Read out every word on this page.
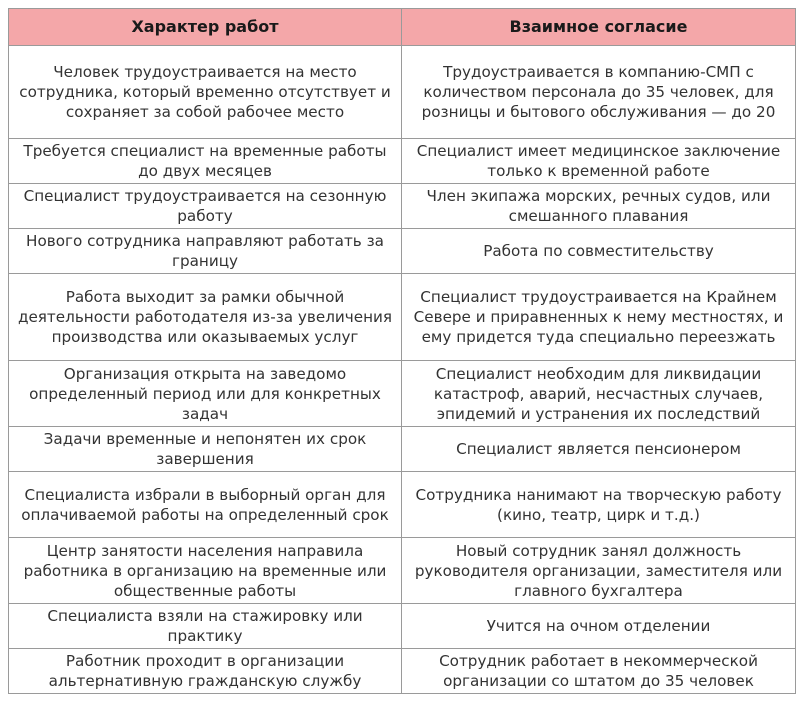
Характер работ	Взаимное согласие
Человек трудоустраивается на место сотрудника, который временно отсутствует и сохраняет за собой рабочее место	Трудоустраивается в компанию-СМП с количеством персонала до 35 человек, для розницы и бытового обслуживания — до 20
Требуется специалист на временные работы до двух месяцев	Специалист имеет медицинское заключение только к временной работе
Специалист трудоустраивается на сезонную работу	Член экипажа морских, речных судов, или смешанного плавания
Нового сотрудника направляют работать за границу	Работа по совместительству
Работа выходит за рамки обычной деятельности работодателя из-за увеличения производства или оказываемых услуг	Специалист трудоустраивается на Крайнем Севере и приравненных к нему местностях, и ему придется туда специально переезжать
Организация открыта на заведомо определенный период или для конкретных задач	Специалист необходим для ликвидации катастроф, аварий, несчастных случаев, эпидемий и устранения их последствий
Задачи временные и непонятен их срок завершения	Специалист является пенсионером
Специалиста избрали в выборный орган для оплачиваемой работы на определенный срок	Сотрудника нанимают на творческую работу (кино, театр, цирк и т.д.)
Центр занятости населения направила работника в организацию на временные или общественные работы	Новый сотрудник занял должность руководителя организации, заместителя или главного бухгалтера
Специалиста взяли на стажировку или практику	Учится на очном отделении
Работник проходит в организации альтернативную гражданскую службу	Сотрудник работает в некоммерческой организации со штатом до 35 человек
